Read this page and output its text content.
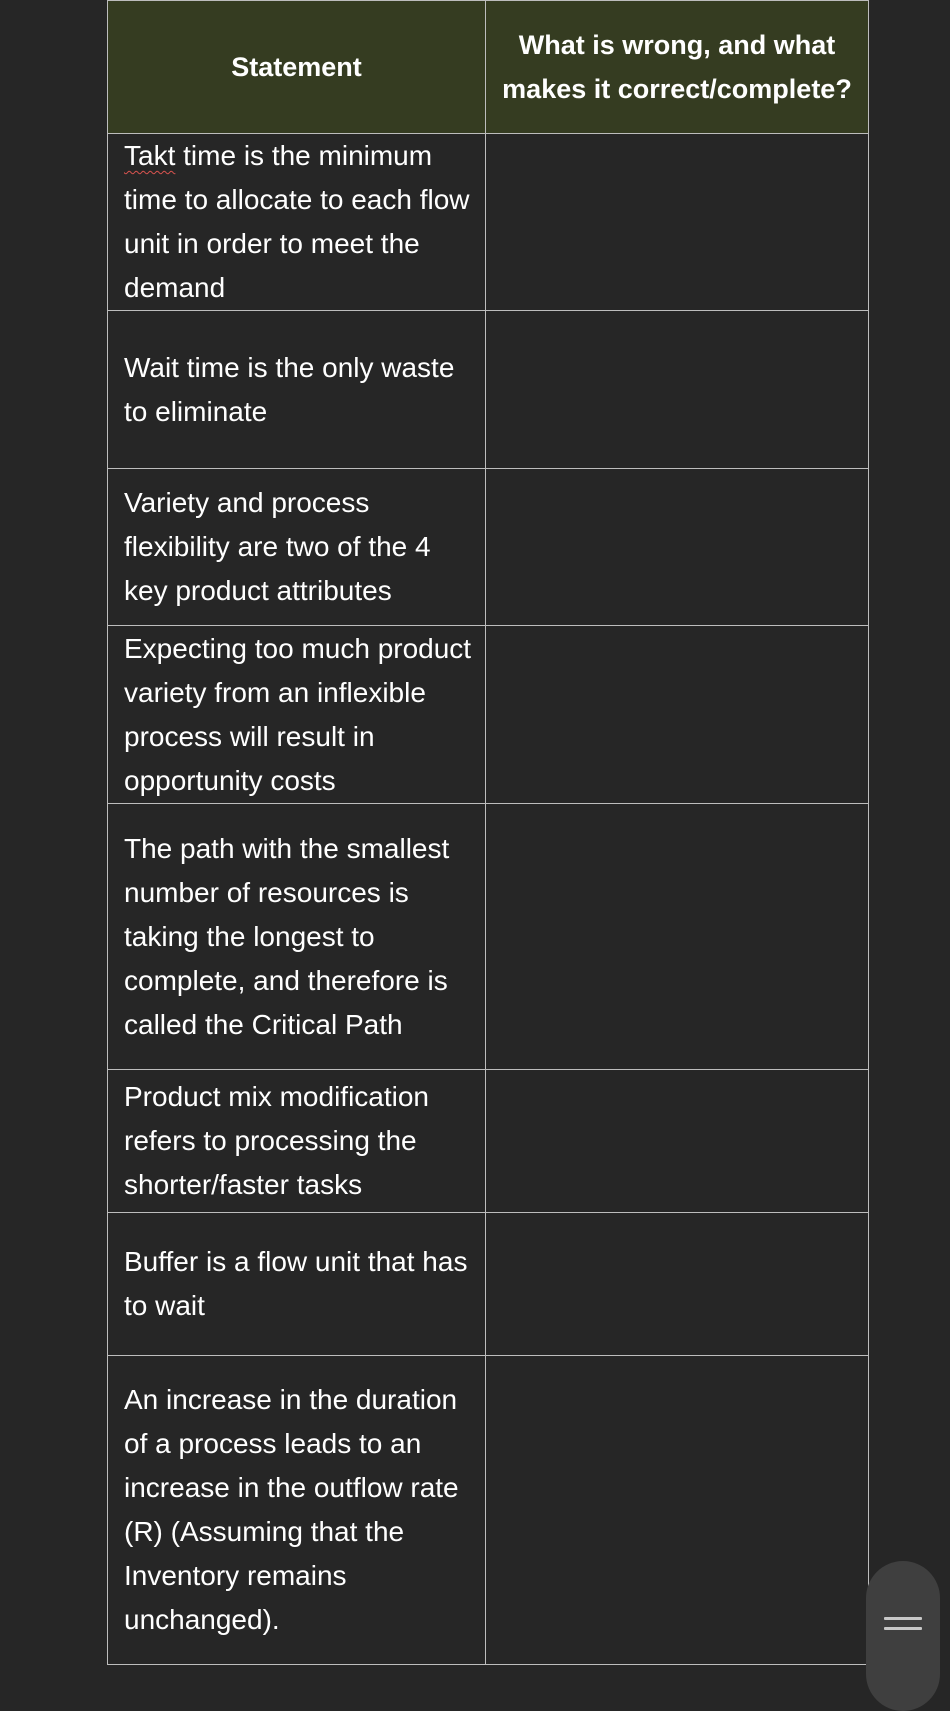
Statement	What is wrong, and what makes it correct/complete?
Takt time is the minimum time to allocate to each flow unit in order to meet the demand	
Wait time is the only waste to eliminate	
Variety and process flexibility are two of the 4 key product attributes	
Expecting too much product variety from an inflexible process will result in opportunity costs	
The path with the smallest number of resources is taking the longest to complete, and therefore is called the Critical Path	
Product mix modification refers to processing the shorter/faster tasks	
Buffer is a flow unit that has to wait	
An increase in the duration of a process leads to an increase in the outflow rate (R) (Assuming that the Inventory remains unchanged).	
